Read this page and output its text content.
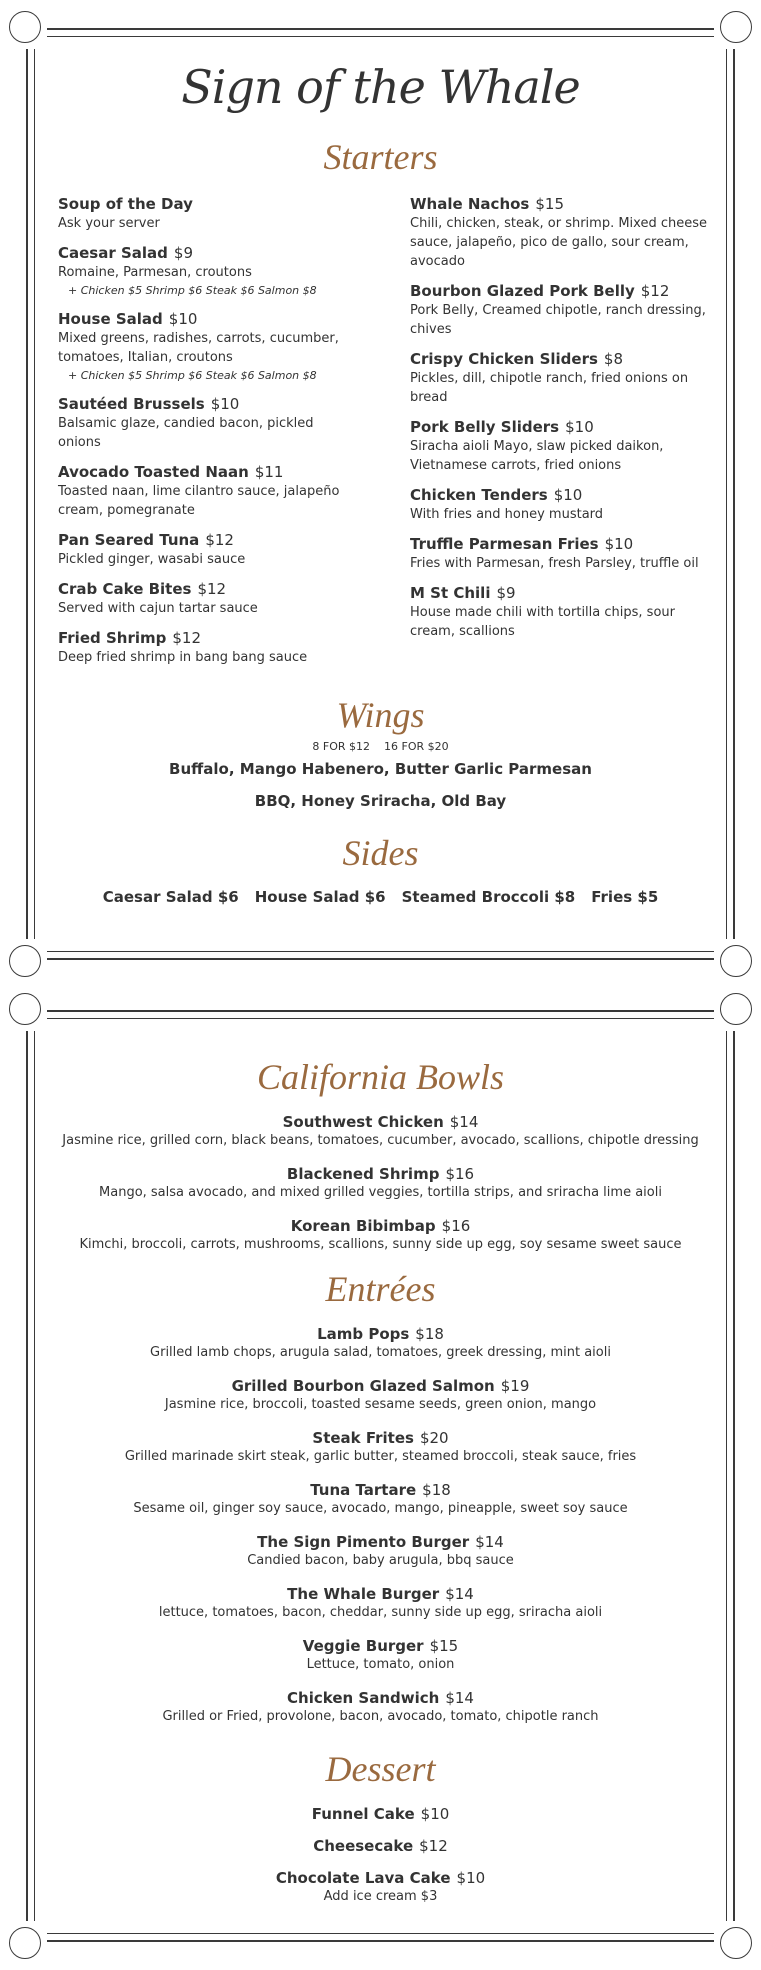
Sign of the Whale
Starters
Soup of the Day
Ask your server
Caesar Salad $9
Romaine, Parmesan, croutons
+ Chicken $5 Shrimp $6 Steak $6 Salmon $8
House Salad $10
Mixed greens, radishes, carrots, cucumber, tomatoes, Italian, croutons
+ Chicken $5 Shrimp $6 Steak $6 Salmon $8
Sautéed Brussels $10
Balsamic glaze, candied bacon, pickled onions
Avocado Toasted Naan $11
Toasted naan, lime cilantro sauce, jalapeño cream, pomegranate
Pan Seared Tuna $12
Pickled ginger, wasabi sauce
Crab Cake Bites $12
Served with cajun tartar sauce
Fried Shrimp $12
Deep fried shrimp in bang bang sauce
Whale Nachos $15
Chili, chicken, steak, or shrimp. Mixed cheese sauce, jalapeño, pico de gallo, sour cream, avocado
Bourbon Glazed Pork Belly $12
Pork Belly, Creamed chipotle, ranch dressing, chives
Crispy Chicken Sliders $8
Pickles, dill, chipotle ranch, fried onions on bread
Pork Belly Sliders $10
Siracha aioli Mayo, slaw picked daikon, Vietnamese carrots, fried onions
Chicken Tenders $10
With fries and honey mustard
Truffle Parmesan Fries $10
Fries with Parmesan, fresh Parsley, truffle oil
M St Chili $9
House made chili with tortilla chips, sour cream, scallions
Wings
8 FOR $12 16 FOR $20
Buffalo, Mango Habenero, Butter Garlic Parmesan
BBQ, Honey Sriracha, Old Bay
Sides
Caesar Salad $6 House Salad $6 Steamed Broccoli $8 Fries $5
California Bowls
Southwest Chicken $14
Jasmine rice, grilled corn, black beans, tomatoes, cucumber, avocado, scallions, chipotle dressing
Blackened Shrimp $16
Mango, salsa avocado, and mixed grilled veggies, tortilla strips, and sriracha lime aioli
Korean Bibimbap $16
Kimchi, broccoli, carrots, mushrooms, scallions, sunny side up egg, soy sesame sweet sauce
Entrées
Lamb Pops $18
Grilled lamb chops, arugula salad, tomatoes, greek dressing, mint aioli
Grilled Bourbon Glazed Salmon $19
Jasmine rice, broccoli, toasted sesame seeds, green onion, mango
Steak Frites $20
Grilled marinade skirt steak, garlic butter, steamed broccoli, steak sauce, fries
Tuna Tartare $18
Sesame oil, ginger soy sauce, avocado, mango, pineapple, sweet soy sauce
The Sign Pimento Burger $14
Candied bacon, baby arugula, bbq sauce
The Whale Burger $14
lettuce, tomatoes, bacon, cheddar, sunny side up egg, sriracha aioli
Veggie Burger $15
Lettuce, tomato, onion
Chicken Sandwich $14
Grilled or Fried, provolone, bacon, avocado, tomato, chipotle ranch
Dessert
Funnel Cake $10
Cheesecake $12
Chocolate Lava Cake $10
Add ice cream $3
